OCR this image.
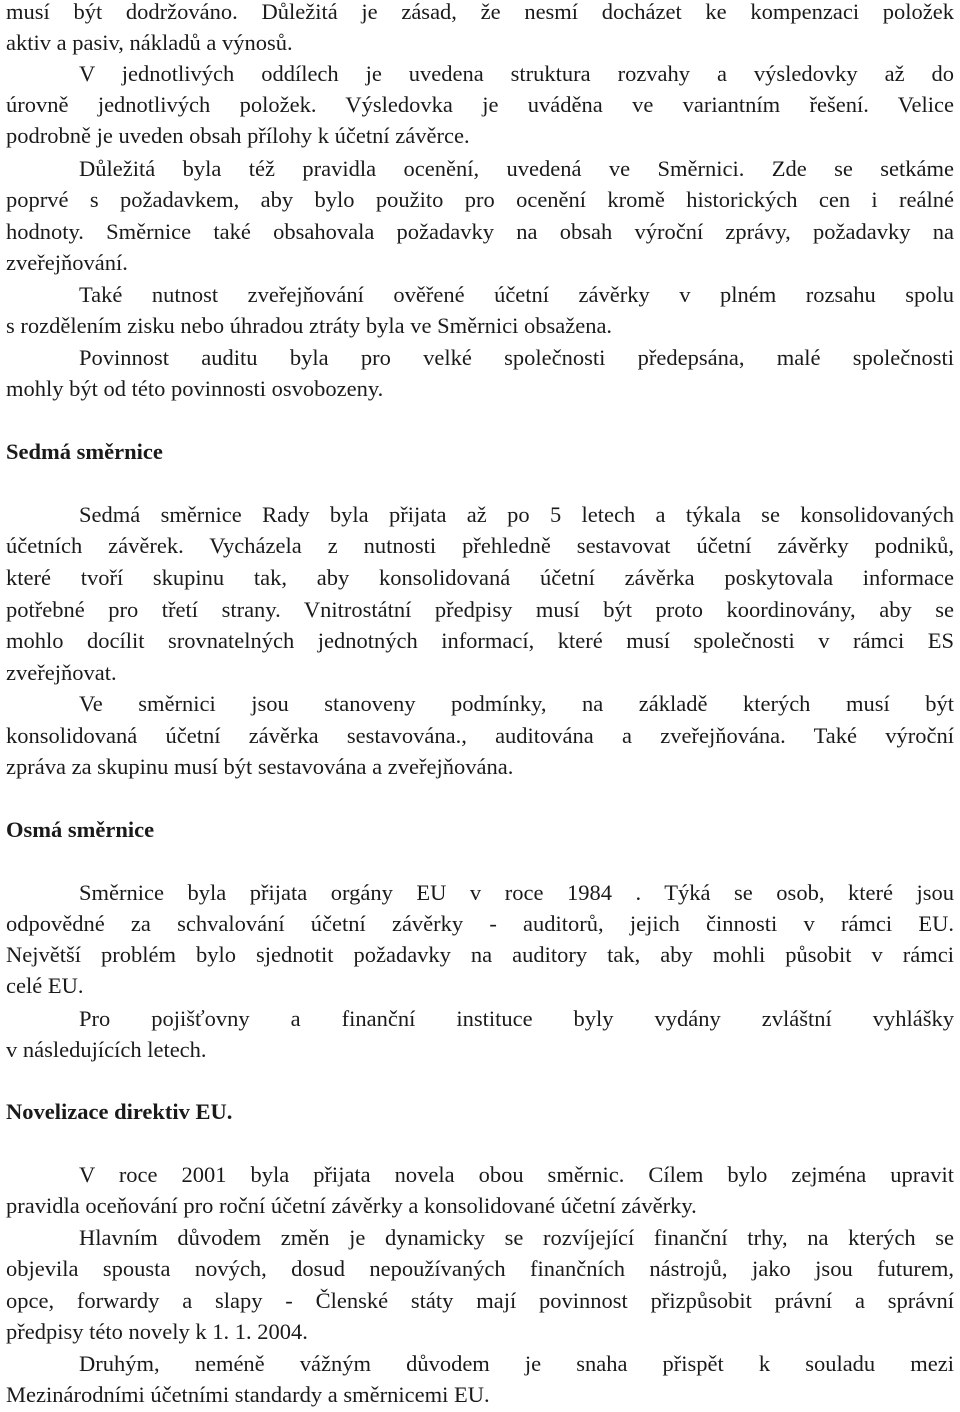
musí být dodržováno. Důležitá je zásad, že nesmí docházet ke kompenzaci položek
aktiv a pasiv, nákladů a výnosů.
V jednotlivých oddílech je uvedena struktura rozvahy a výsledovky až do
úrovně jednotlivých položek. Výsledovka je uváděna ve variantním řešení. Velice
podrobně je uveden obsah přílohy k účetní závěrce.
Důležitá byla též pravidla ocenění, uvedená ve Směrnici. Zde se setkáme
poprvé s požadavkem, aby bylo použito pro ocenění kromě historických cen i reálné
hodnoty. Směrnice také obsahovala požadavky na obsah výroční zprávy, požadavky na
zveřejňování.
Také nutnost zveřejňování ověřené účetní závěrky v plném rozsahu spolu
s rozdělením zisku nebo úhradou ztráty byla ve Směrnici obsažena.
Povinnost auditu byla pro velké společnosti předepsána, malé společnosti
mohly být od této povinnosti osvobozeny.
Sedmá směrnice
Sedmá směrnice Rady byla přijata až po 5 letech a týkala se konsolidovaných
účetních závěrek. Vycházela z nutnosti přehledně sestavovat účetní závěrky podniků,
které tvoří skupinu tak, aby konsolidovaná účetní závěrka poskytovala informace
potřebné pro třetí strany. Vnitrostátní předpisy musí být proto koordinovány, aby se
mohlo docílit srovnatelných jednotných informací, které musí společnosti v rámci ES
zveřejňovat.
Ve směrnici jsou stanoveny podmínky, na základě kterých musí být
konsolidovaná účetní závěrka sestavována., auditována a zveřejňována. Také výroční
zpráva za skupinu musí být sestavována a zveřejňována.
Osmá směrnice
Směrnice byla přijata orgány EU v roce 1984 . Týká se osob, které jsou
odpovědné za schvalování účetní závěrky - auditorů, jejich činnosti v rámci EU.
Největší problém bylo sjednotit požadavky na auditory tak, aby mohli působit v rámci
celé EU.
Pro pojišťovny a finanční instituce byly vydány zvláštní vyhlášky
v následujících letech.
Novelizace direktiv EU.
V roce 2001 byla přijata novela obou směrnic. Cílem bylo zejména upravit
pravidla oceňování pro roční účetní závěrky a konsolidované účetní závěrky.
Hlavním důvodem změn je dynamicky se rozvíjející finanční trhy, na kterých se
objevila spousta nových, dosud nepoužívaných finančních nástrojů, jako jsou futurem,
opce, forwardy a slapy - Členské státy mají povinnost přizpůsobit právní a správní
předpisy této novely k 1. 1. 2004.
Druhým, neméně vážným důvodem je snaha přispět k souladu mezi
Mezinárodními účetními standardy a směrnicemi EU.
